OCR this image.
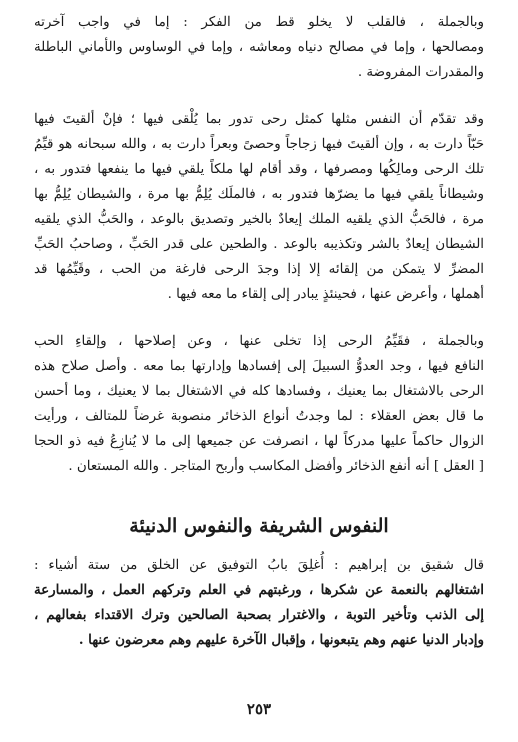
وبالجملة ، فالقلب لا يخلو قط من الفكر : إما في واجب آخرته
ومصالحها ، وإما في مصالح دنياه ومعاشه ، وإما في الوساوس والأماني الباطلة
والمقدرات المفروضة .
وقد تقدّم أن النفس مثلها كمثل رحى تدور بما يُلْقى فيها ؛ فإنْ ألقيتَ فيها
حَبّاً دارت به ، وإن ألقيتَ فيها زجاجاً وحصىً وبعراً دارت به ، والله سبحانه هو قيِّمُ
تلك الرحى ومالِكُها ومصرفها ، وقد أقام لها ملكاً يلقي فيها ما ينفعها فتدور به ،
وشيطاناً يلقي فيها ما يضرّها فتدور به ، فالملَك يُلِمُّ بها مرة ، والشيطان يُلِمُّ بها
مرة ، فالحَبُّ الذي يلقيه الملك إيعادٌ بالخير وتصديق بالوعد ، والحَبُّ الذي يلقيه
الشيطان إيعادٌ بالشر وتكذيبه بالوعد . والطحين على قدر الحَبِّ ، وصاحبُ الحَبِّ
المضرِّ لا يتمكن من إلقائه إلا إذا وجدَ الرحى فارغة من الحب ، وقَيِّمُها قد
أهملها ، وأعرض عنها ، فحينئذٍ يبادر إلى إلقاء ما معه فيها .
وبالجملة ، فقَيِّمُ الرحى إذا تخلى عنها ، وعن إصلاحها ، وإلقاءِ الحب
النافع فيها ، وجد العدوُّ السبيلَ إلى إفسادها وإدارتها بما معه . وأصل صلاح هذه
الرحى بالاشتغال بما يعنيك ، وفسادها كله في الاشتغال بما لا يعنيك ، وما أحسن
ما قال بعض العقلاء : لما وجدتُ أنواع الذخائر منصوبة غرضاً للمتالف ، ورأيت
الزوال حاكماً عليها مدركاً لها ، انصرفت عن جميعها إلى ما لا يُنازِعُ فيه ذو الحجا
[ العقل ] أنه أنفع الذخائر وأفضل المكاسب وأربح المتاجر . والله المستعان .
النفوس الشريفة والنفوس الدنيئة
قال شقيق بن إبراهيم : أُغلِقَ بابُ التوفيق عن الخلق من ستة أشياء :
اشتغالهم بالنعمة عن شكرها ، ورغبتهم في العلم وتركهم العمل ، والمسارعة
إلى الذنب وتأخير التوبة ، والاغترار بصحبة الصالحين وترك الاقتداء بفعالهم ،
وإدبار الدنيا عنهم وهم يتبعونها ، وإقبال الآخرة عليهم وهم معرضون عنها .
٢٥٣
